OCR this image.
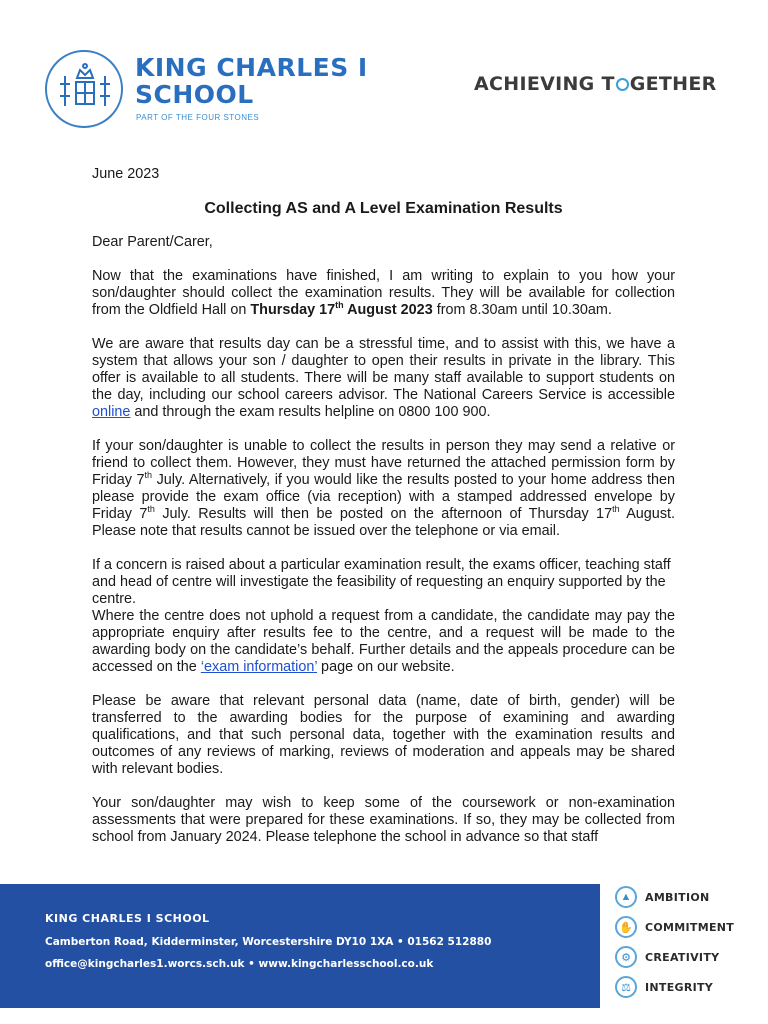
KING CHARLES I
SCHOOL
PART OF THE FOUR STONES
ACHIEVING T GETHER

June 2023

Collecting AS and A Level Examination Results

Dear Parent/Carer,

Now that the examinations have finished, I am writing to explain to you how your son/daughter should collect the examination results. They will be available for collection from the Oldfield Hall on Thursday 17th August 2023 from 8.30am until 10.30am.

We are aware that results day can be a stressful time, and to assist with this, we have a system that allows your son / daughter to open their results in private in the library. This offer is available to all students. There will be many staff available to support students on the day, including our school careers advisor. The National Careers Service is accessible online and through the exam results helpline on 0800 100 900.

If your son/daughter is unable to collect the results in person they may send a relative or friend to collect them. However, they must have returned the attached permission form by Friday 7th July. Alternatively, if you would like the results posted to your home address then please provide the exam office (via reception) with a stamped addressed envelope by Friday 7th July. Results will then be posted on the afternoon of Thursday 17th August. Please note that results cannot be issued over the telephone or via email.

If a concern is raised about a particular examination result, the exams officer, teaching staff and head of centre will investigate the feasibility of requesting an enquiry supported by the centre.
Where the centre does not uphold a request from a candidate, the candidate may pay the appropriate enquiry after results fee to the centre, and a request will be made to the awarding body on the candidate’s behalf. Further details and the appeals procedure can be accessed on the ‘exam information’ page on our website.

Please be aware that relevant personal data (name, date of birth, gender) will be transferred to the awarding bodies for the purpose of examining and awarding qualifications, and that such personal data, together with the examination results and outcomes of any reviews of marking, reviews of moderation and appeals may be shared with relevant bodies.

Your son/daughter may wish to keep some of the coursework or non-examination assessments that were prepared for these examinations. If so, they may be collected from school from January 2024. Please telephone the school in advance so that staff

KING CHARLES I SCHOOL
Camberton Road, Kidderminster, Worcestershire DY10 1XA • 01562 512880
office@kingcharles1.worcs.sch.uk • www.kingcharlesschool.co.uk
▲	AMBITION
✋	COMMITMENT
⚙	CREATIVITY
⚖	INTEGRITY
